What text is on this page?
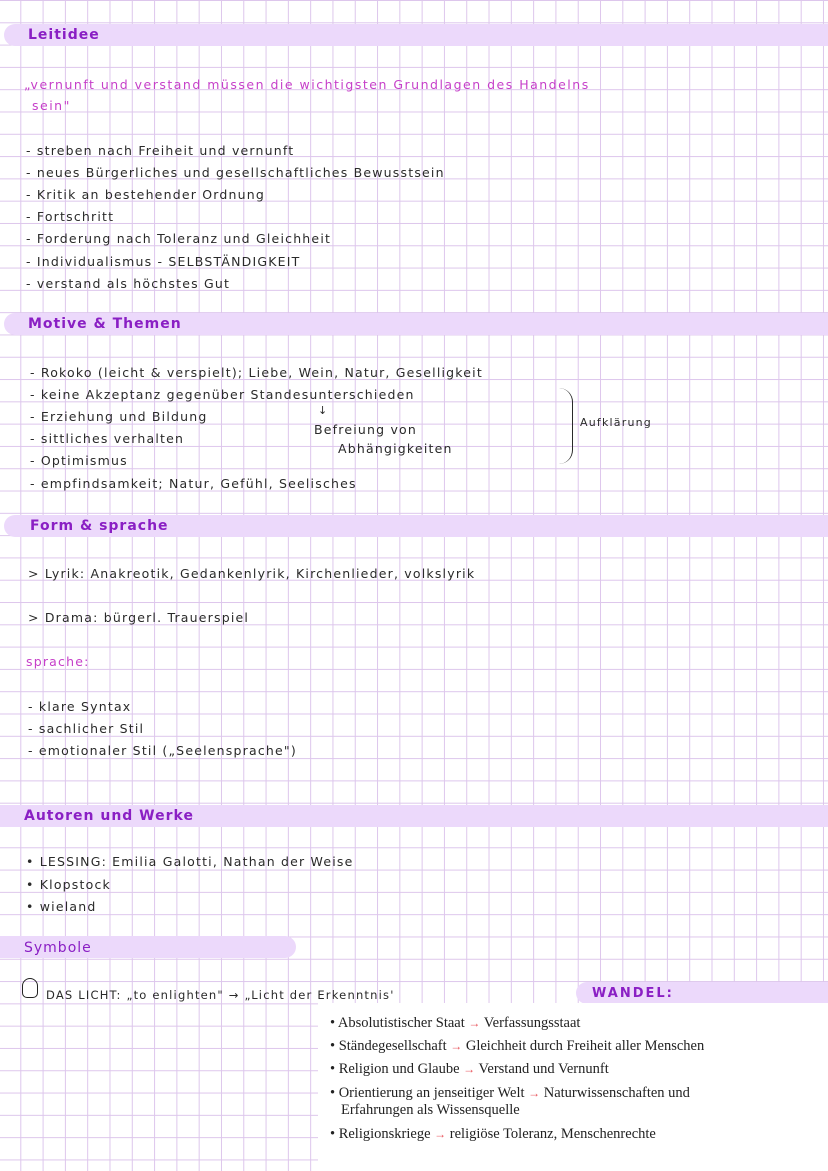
Leitidee
„vernunft und verstand müssen die wichtigsten Grundlagen des Handelns
sein"
- streben nach Freiheit und vernunft
- neues Bürgerliches und gesellschaftliches Bewusstsein
- Kritik an bestehender Ordnung
- Fortschritt
- Forderung nach Toleranz und Gleichheit
- Individualismus - SELBSTÄNDIGKEIT
- verstand als höchstes Gut
Motive & Themen
- Rokoko (leicht & verspielt); Liebe, Wein, Natur, Geselligkeit
- keine Akzeptanz gegenüber Standesunterschieden
- Erziehung und Bildung
- sittliches verhalten
- Optimismus
- empfindsamkeit; Natur, Gefühl, Seelisches
↓
Befreiung von
Abhängigkeiten
Aufklärung
Form & sprache
> Lyrik: Anakreotik, Gedankenlyrik, Kirchenlieder, volkslyrik
> Drama: bürgerl. Trauerspiel
sprache:
- klare Syntax
- sachlicher Stil
- emotionaler Stil („Seelensprache")
Autoren und Werke
• LESSING: Emilia Galotti, Nathan der Weise
• Klopstock
• wieland
Symbole
DAS LICHT: „to enlighten" → „Licht der Erkenntnis'	WANDEL:
• Absolutistischer Staat → Verfassungsstaat
• Ständegesellschaft → Gleichheit durch Freiheit aller Menschen
• Religion und Glaube → Verstand und Vernunft
• Orientierung an jenseitiger Welt → Naturwissenschaften und
Erfahrungen als Wissensquelle
• Religionskriege → religiöse Toleranz, Menschenrechte
